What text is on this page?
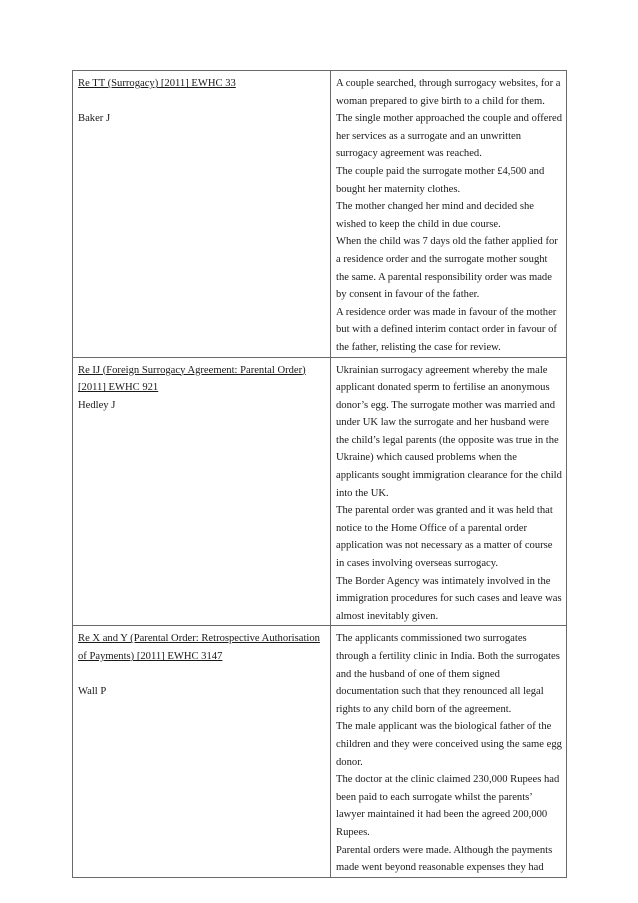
Re TT (Surrogacy) [2011] EWHC 33
Baker J	A couple searched, through surrogacy websites, for a woman prepared to give birth to a child for them. The single mother approached the couple and offered her services as a surrogate and an unwritten surrogacy agreement was reached.
The couple paid the surrogate mother £4,500 and bought her maternity clothes.
The mother changed her mind and decided she wished to keep the child in due course.
When the child was 7 days old the father applied for a residence order and the surrogate mother sought the same. A parental responsibility order was made by consent in favour of the father.
A residence order was made in favour of the mother but with a defined interim contact order in favour of the father, relisting the case for review.

Re IJ (Foreign Surrogacy Agreement: Parental Order) [2011] EWHC 921
Hedley J	Ukrainian surrogacy agreement whereby the male applicant donated sperm to fertilise an anonymous donor’s egg. The surrogate mother was married and under UK law the surrogate and her husband were the child’s legal parents (the opposite was true in the Ukraine) which caused problems when the applicants sought immigration clearance for the child into the UK.
The parental order was granted and it was held that notice to the Home Office of a parental order application was not necessary as a matter of course in cases involving overseas surrogacy.
The Border Agency was intimately involved in the immigration procedures for such cases and leave was almost inevitably given.

Re X and Y (Parental Order: Retrospective Authorisation of Payments) [2011] EWHC 3147
Wall P	The applicants commissioned two surrogates through a fertility clinic in India. Both the surrogates and the husband of one of them signed documentation such that they renounced all legal rights to any child born of the agreement.
The male applicant was the biological father of the children and they were conceived using the same egg donor.
The doctor at the clinic claimed 230,000 Rupees had been paid to each surrogate whilst the parents’ lawyer maintained it had been the agreed 200,000 Rupees.
Parental orders were made. Although the payments made went beyond reasonable expenses they had
